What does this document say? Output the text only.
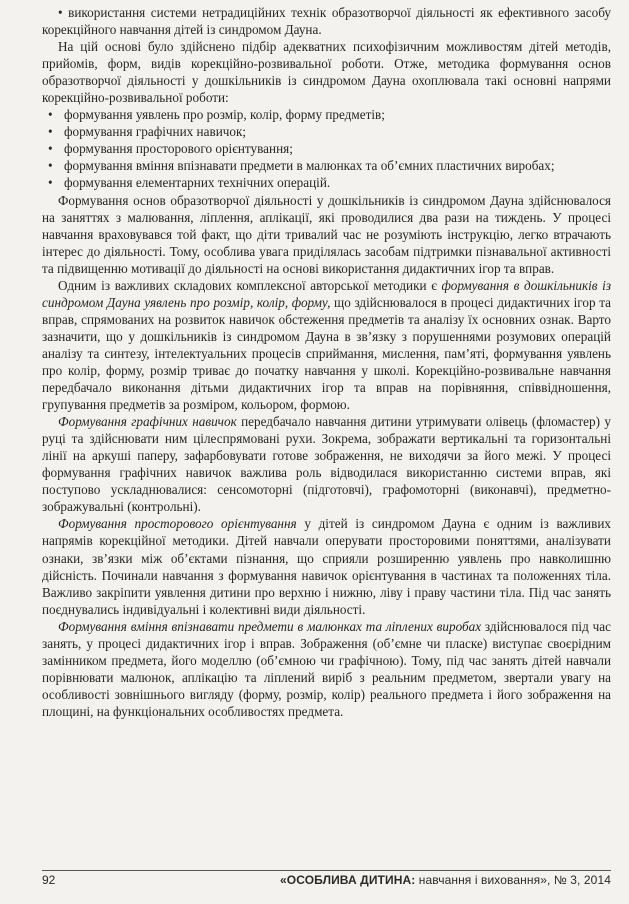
• використання системи нетрадиційних технік образотворчої діяльності як ефективного засобу корекційного навчання дітей із синдромом Дауна.

На цій основі було здійснено підбір адекватних психофізичним можливостям дітей методів, прийомів, форм, видів корекційно-розвивальної роботи. Отже, методика формування основ образотворчої діяльності у дошкільників із синдромом Дауна охоплювала такі основні напрями корекційно-розвивальної роботи:

• формування уявлень про розмір, колір, форму предметів;

• формування графічних навичок;

• формування просторового орієнтування;

• формування вміння впізнавати предмети в малюнках та об’ємних пластичних виробах;

• формування елементарних технічних операцій.

Формування основ образотворчої діяльності у дошкільників із синдромом Дауна здійснювалося на заняттях з малювання, ліплення, аплікації, які проводилися два рази на тиждень. У процесі навчання враховувався той факт, що діти тривалий час не розуміють інструкцію, легко втрачають інтерес до діяльності. Тому, особлива увага приділялась засобам підтримки пізнавальної активності та підвищенню мотивації до діяльності на основі використання дидактичних ігор та вправ.

Одним із важливих складових комплексної авторської методики є формування в дошкільників із синдромом Дауна уявлень про розмір, колір, форму, що здійснювалося в процесі дидактичних ігор та вправ, спрямованих на розвиток навичок обстеження предметів та аналізу їх основних ознак. Варто зазначити, що у дошкільників із синдромом Дауна в зв’язку з порушеннями розумових операцій аналізу та синтезу, інтелектуальних процесів сприймання, мислення, пам’яті, формування уявлень про колір, форму, розмір триває до початку навчання у школі. Корекційно-розвивальне навчання передбачало виконання дітьми дидактичних ігор та вправ на порівняння, співвідношення, групування предметів за розміром, кольором, формою.

Формування графічних навичок передбачало навчання дитини утримувати олівець (фломастер) у руці та здійснювати ним цілеспрямовані рухи. Зокрема, зображати вертикальні та горизонтальні лінії на аркуші паперу, зафарбовувати готове зображення, не виходячи за його межі. У процесі формування графічних навичок важлива роль відводилася використанню системи вправ, які поступово ускладнювалися: сенсомоторні (підготовчі), графомоторні (виконавчі), предметно-зображувальні (контрольні).

Формування просторового орієнтування у дітей із синдромом Дауна є одним із важливих напрямів корекційної методики. Дітей навчали оперувати просторовими поняттями, аналізувати ознаки, зв’язки між об’єктами пізнання, що сприяли розширенню уявлень про навколишню дійсність. Починали навчання з формування навичок орієнтування в частинах та положеннях тіла. Важливо закріпити уявлення дитини про верхню і нижню, ліву і праву частини тіла. Під час занять поєднувались індивідуальні і колективні види діяльності.

Формування вміння впізнавати предмети в малюнках та ліплених виробах здійснювалося під час занять, у процесі дидактичних ігор і вправ. Зображення (об’ємне чи пласке) виступає своєрідним замінником предмета, його моделлю (об’ємною чи графічною). Тому, під час занять дітей навчали порівнювати малюнок, аплікацію та ліплений виріб з реальним предметом, звертали увагу на особливості зовнішнього вигляду (форму, розмір, колір) реального предмета і його зображення на площині, на функціональних особливостях предмета.

92	«ОСОБЛИВА ДИТИНА: навчання і виховання», № 3, 2014
